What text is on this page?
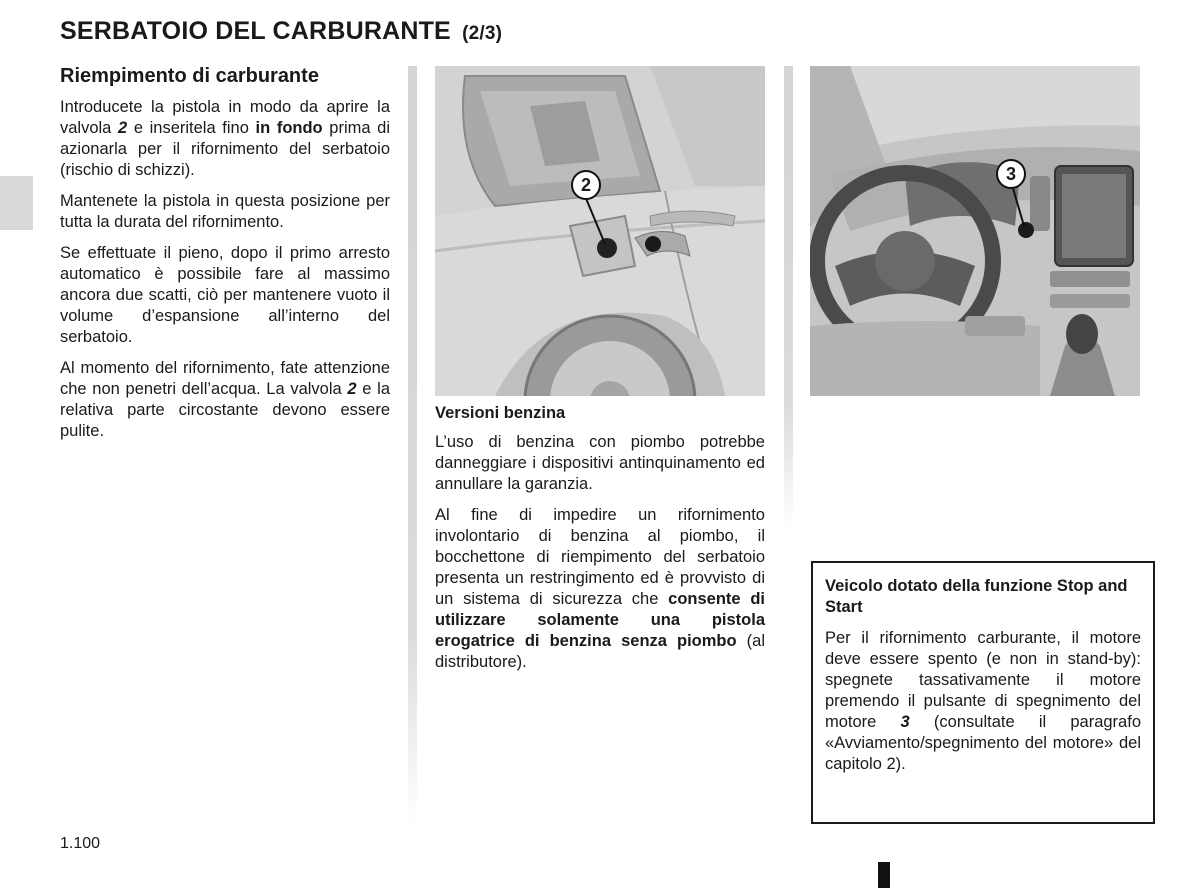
SERBATOIO DEL CARBURANTE (2/3)
Riempimento di carburante

Introducete la pistola in modo da aprire la valvola 2 e inseritela fino in fondo prima di azionarla per il rifornimento del serbatoio (rischio di schizzi).

Mantenete la pistola in questa posizione per tutta la durata del rifornimento.

Se effettuate il pieno, dopo il primo arresto automatico è possibile fare al massimo ancora due scatti, ciò per mantenere vuoto il volume d’espansione all’interno del serbatoio.

Al momento del rifornimento, fate attenzione che non penetri dell’acqua. La valvola 2 e la relativa parte circostante devono essere pulite.

2
Versioni benzina

L’uso di benzina con piombo potrebbe danneggiare i dispositivi antinquinamento ed annullare la garanzia.

Al fine di impedire un rifornimento involontario di benzina al piombo, il bocchettone di riempimento del serbatoio presenta un restringimento ed è provvisto di un sistema di sicurezza che consente di utilizzare solamente una pistola erogatrice di benzina senza piombo (al distributore).

3
Veicolo dotato della funzione Stop and Start
Per il rifornimento carburante, il motore deve essere spento (e non in stand-by): spegnete tassativamente il motore premendo il pulsante di spegnimento del motore 3 (consultate il paragrafo «Avviamento/spegnimento del motore» del capitolo 2).
1.100
